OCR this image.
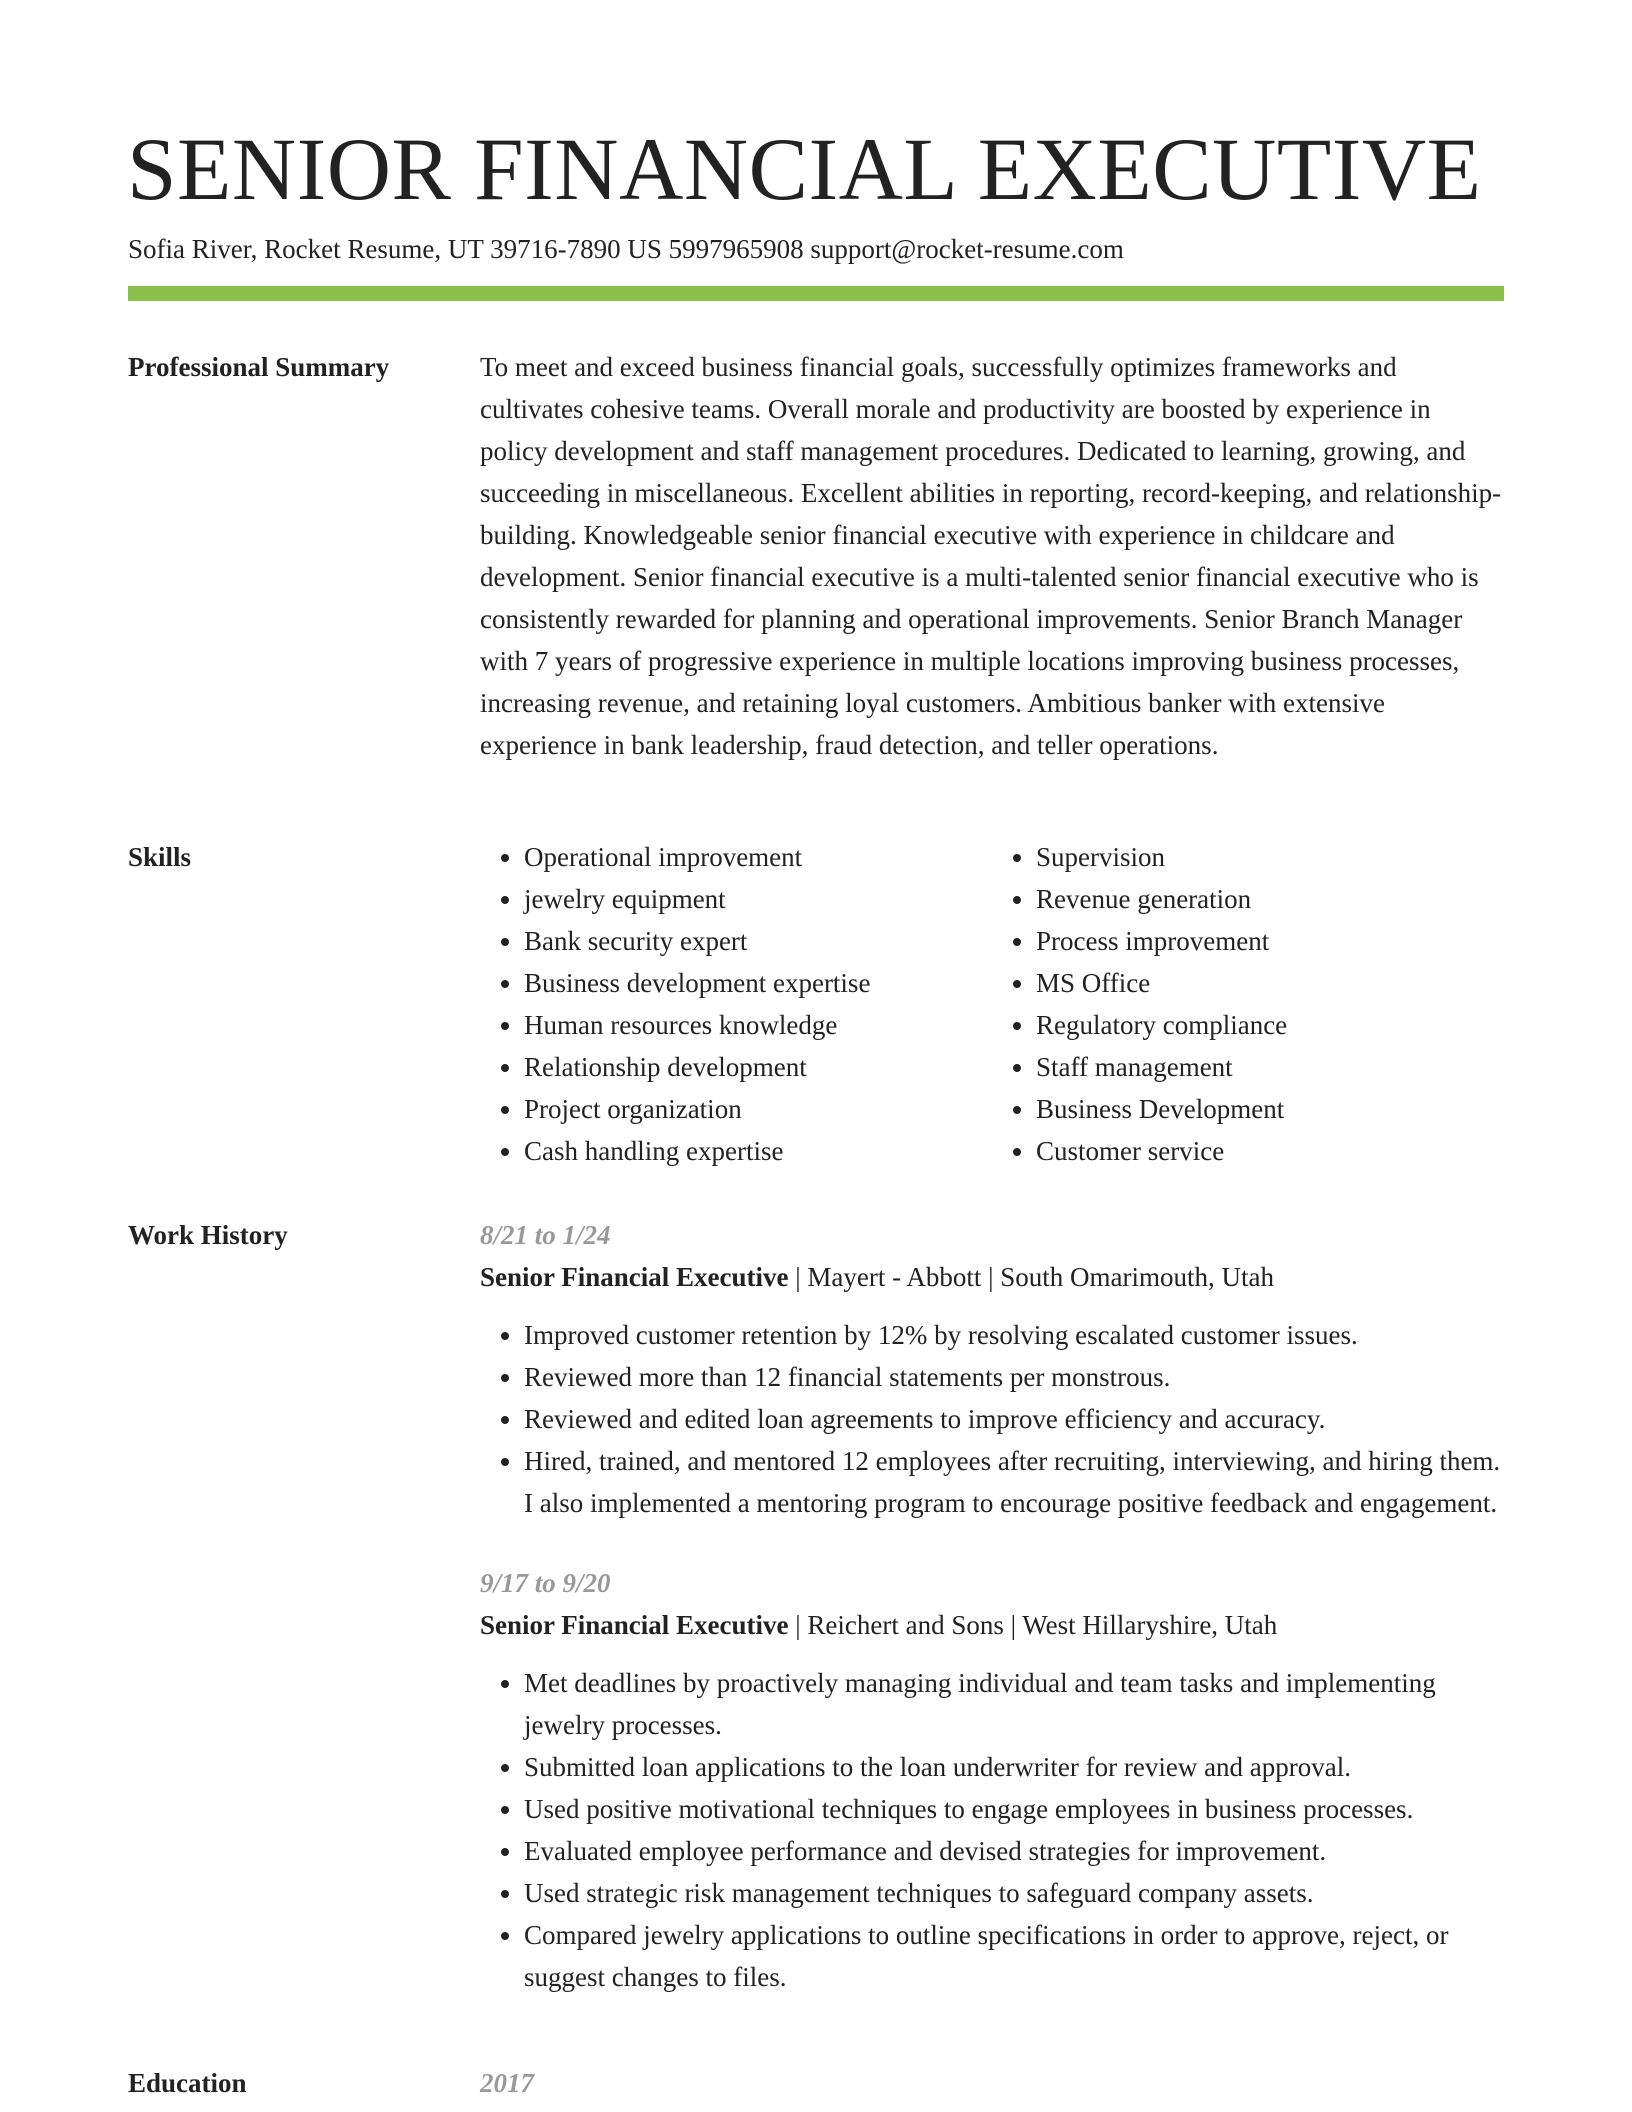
SENIOR FINANCIAL EXECUTIVE
Sofia River, Rocket Resume, UT 39716-7890 US 5997965908 support@rocket-resume.com
Professional Summary	To meet and exceed business financial goals, successfully optimizes frameworks and cultivates cohesive teams. Overall morale and productivity are boosted by experience in policy development and staff management procedures. Dedicated to learning, growing, and succeeding in miscellaneous. Excellent abilities in reporting, record-keeping, and relationship-building. Knowledgeable senior financial executive with experience in childcare and development. Senior financial executive is a multi-talented senior financial executive who is consistently rewarded for planning and operational improvements. Senior Branch Manager with 7 years of progressive experience in multiple locations improving business processes, increasing revenue, and retaining loyal customers. Ambitious banker with extensive experience in bank leadership, fraud detection, and teller operations.

Skills
•	Operational improvement
• jewelry equipment
• Bank security expert
• Business development expertise
• Human resources knowledge
• Relationship development
• Project organization
• Cash handling expertise
• Supervision
• Revenue generation
• Process improvement
• MS Office
• Regulatory compliance
• Staff management
• Business Development
• Customer service
Work History	8/21 to 1/24
Senior Financial Executive | Mayert - Abbott | South Omarimouth, Utah
• Improved customer retention by 12% by resolving escalated customer issues.
• Reviewed more than 12 financial statements per monstrous.
• Reviewed and edited loan agreements to improve efficiency and accuracy.
• Hired, trained, and mentored 12 employees after recruiting, interviewing, and hiring them. I also implemented a mentoring program to encourage positive feedback and engagement.
9/17 to 9/20
Senior Financial Executive | Reichert and Sons | West Hillaryshire, Utah
• Met deadlines by proactively managing individual and team tasks and implementing jewelry processes.
• Submitted loan applications to the loan underwriter for review and approval.
• Used positive motivational techniques to engage employees in business processes.
• Evaluated employee performance and devised strategies for improvement.
• Used strategic risk management techniques to safeguard company assets.
• Compared jewelry applications to outline specifications in order to approve, reject, or suggest changes to files.
Education	2017
